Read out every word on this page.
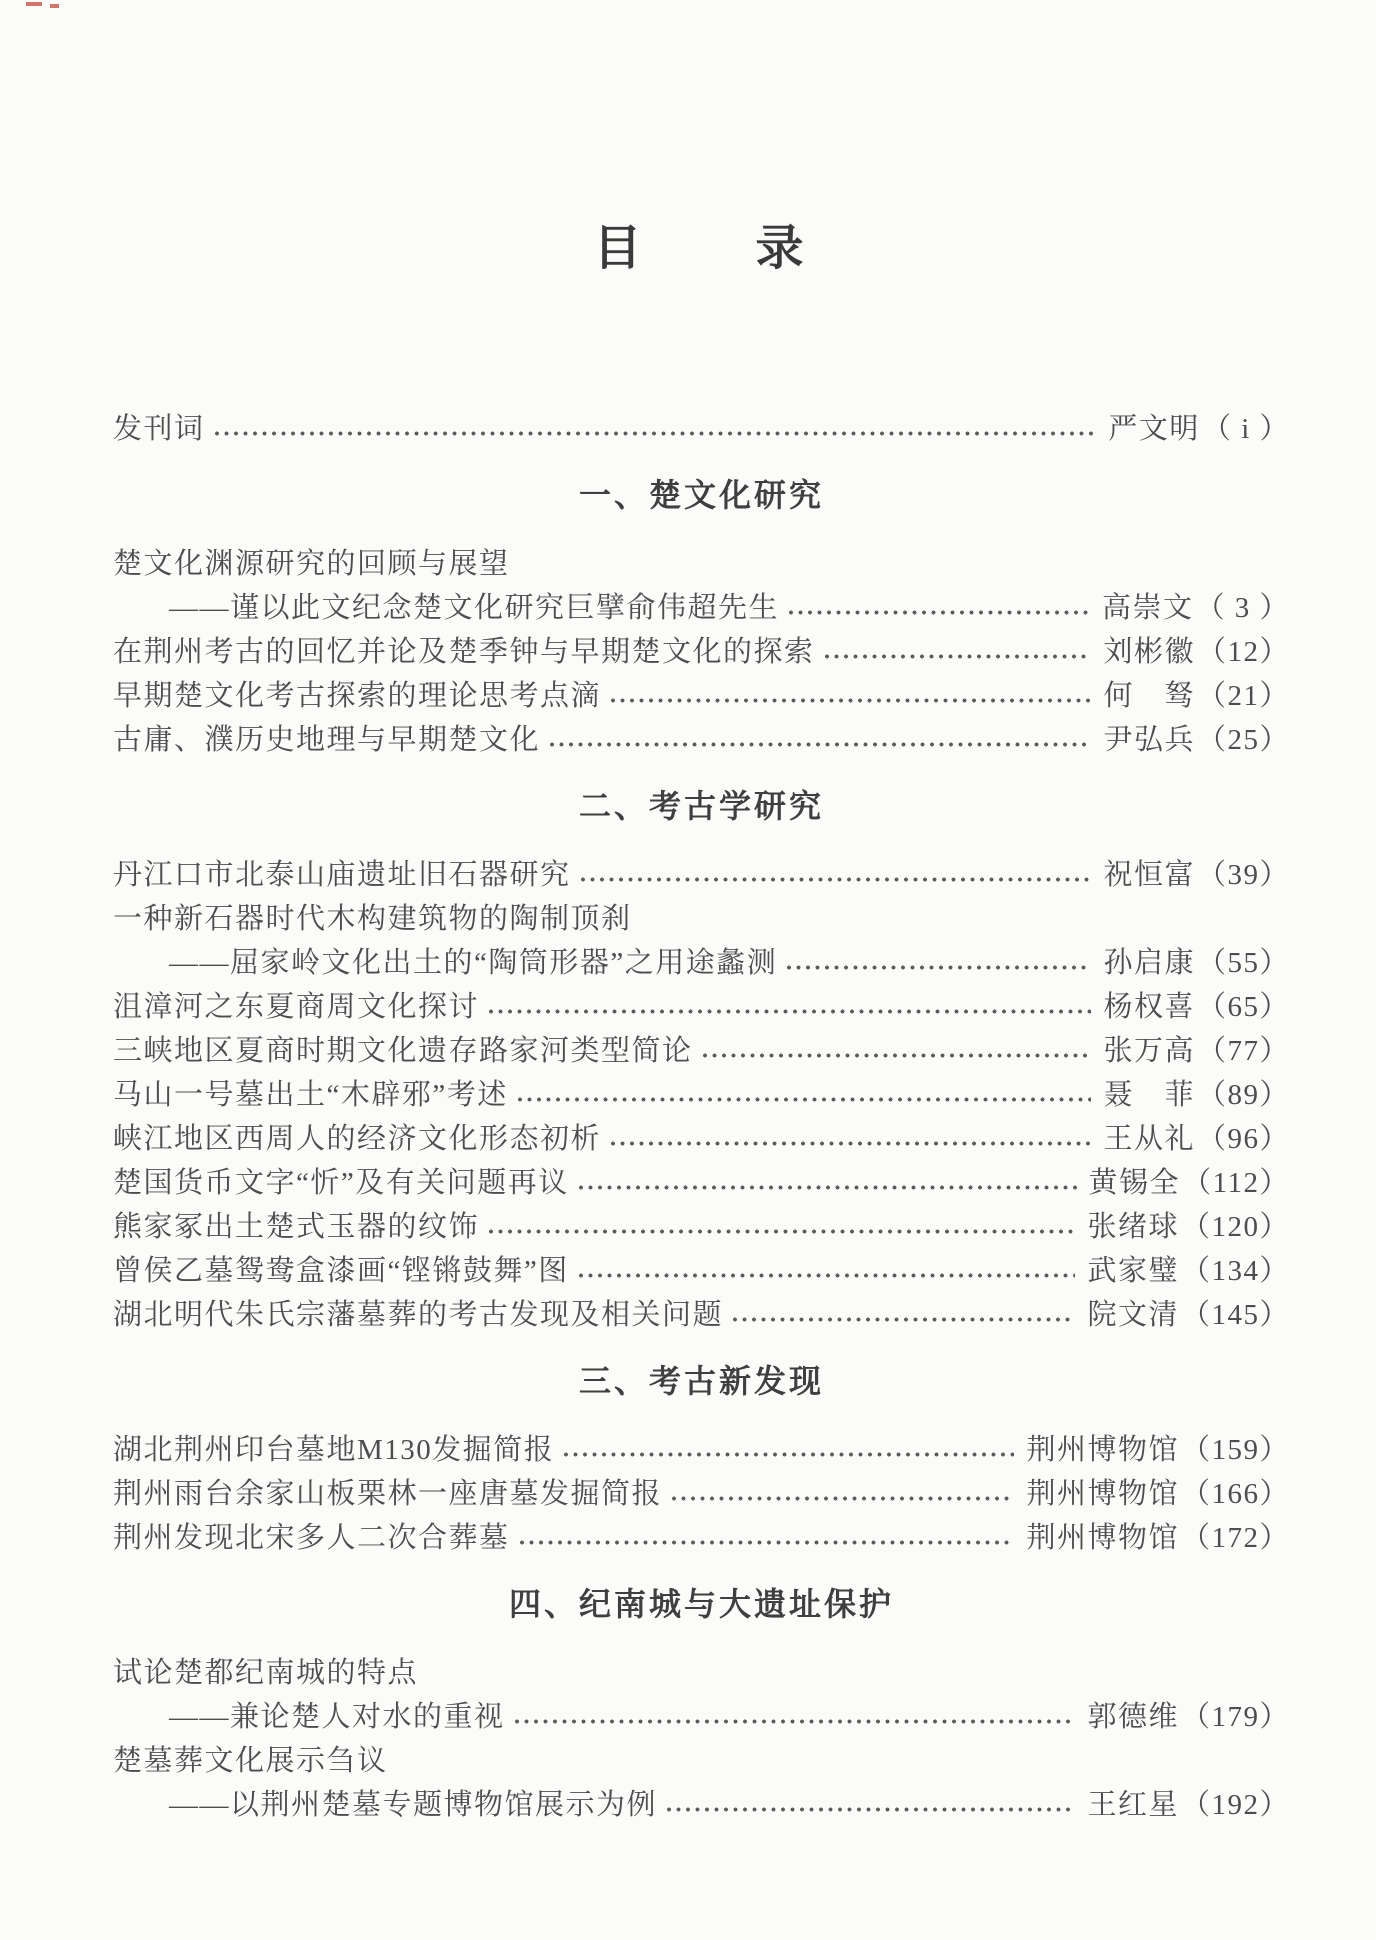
目　　录
发刊词	严文明（ i ）
一、楚文化研究
楚文化渊源研究的回顾与展望
——谨以此文纪念楚文化研究巨擘俞伟超先生	高崇文（ 3 ）
在荆州考古的回忆并论及楚季钟与早期楚文化的探索	刘彬徽（12）
早期楚文化考古探索的理论思考点滴	何　驽（21）
古庸、濮历史地理与早期楚文化	尹弘兵（25）
二、考古学研究
丹江口市北泰山庙遗址旧石器研究	祝恒富（39）
一种新石器时代木构建筑物的陶制顶刹
——屈家岭文化出土的“陶筒形器”之用途蠡测	孙启康（55）
沮漳河之东夏商周文化探讨	杨权喜（65）
三峡地区夏商时期文化遗存路家河类型简论	张万高（77）
马山一号墓出土“木辟邪”考述	聂　菲（89）
峡江地区西周人的经济文化形态初析	王从礼（96）
楚国货币文字“忻”及有关问题再议	黄锡全（112）
熊家冢出土楚式玉器的纹饰	张绪球（120）
曾侯乙墓鸳鸯盒漆画“铿锵鼓舞”图	武家璧（134）
湖北明代朱氏宗藩墓葬的考古发现及相关问题	院文清（145）
三、考古新发现
湖北荆州印台墓地M130发掘简报	荆州博物馆（159）
荆州雨台余家山板栗林一座唐墓发掘简报	荆州博物馆（166）
荆州发现北宋多人二次合葬墓	荆州博物馆（172）
四、纪南城与大遗址保护
试论楚都纪南城的特点
——兼论楚人对水的重视	郭德维（179）
楚墓葬文化展示刍议
——以荆州楚墓专题博物馆展示为例	王红星（192）
